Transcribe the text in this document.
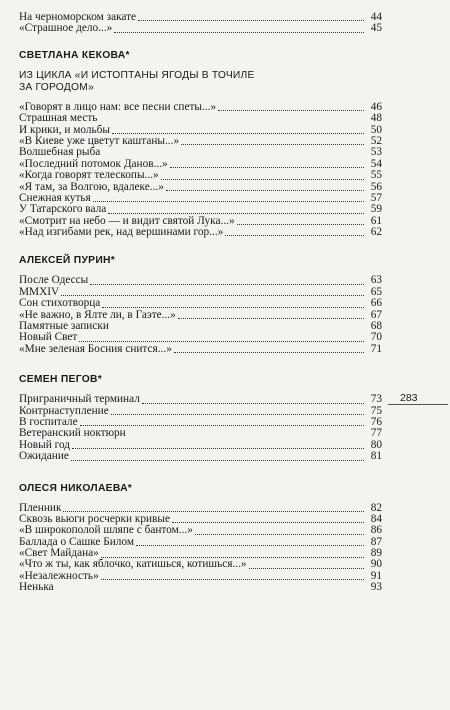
На черноморском закате	44
«Страшное дело...»	45
СВЕТЛАНА КЕКОВА*
ИЗ ЦИКЛА «И ИСТОПТАНЫ ЯГОДЫ В ТОЧИЛЕ
ЗА ГОРОДОМ»
«Говорят в лицо нам: все песни спеты...»	46
Страшная месть	48
И крики, и мольбы	50
«В Киеве уже цветут каштаны...»	52
Волшебная рыба	53
«Последний потомок Данов...»	54
«Когда говорят телескопы...»	55
«Я там, за Волгою, вдалеке...»	56
Снежная кутья	57
У Татарского вала	59
«Смотрит на небо — и видит святой Лука...»	61
«Над изгибами рек, над вершинами гор...»	62
АЛЕКСЕЙ ПУРИН*
После Одессы	63
MMXIV	65
Сон стихотворца	66
«Не важно, в Ялте ли, в Гаэте...»	67
Памятные записки	68
Новый Свет	70
«Мне зеленая Босния снится...»	71
СЕМЕН ПЕГОВ*
Приграничный терминал	73
Контрнаступление	75
В госпитале	76
Ветеранский ноктюрн	77
Новый год	80
Ожидание	81
ОЛЕСЯ НИКОЛАЕВА*
Пленник	82
Сквозь вьюги росчерки кривые	84
«В широкополой шляпе с бантом...»	86
Баллада о Сашке Билом	87
«Свет Майдана»	89
«Что ж ты, как яблочко, катишься, котишься...»	90
«Незалежность»	91
Ненька	93
283
